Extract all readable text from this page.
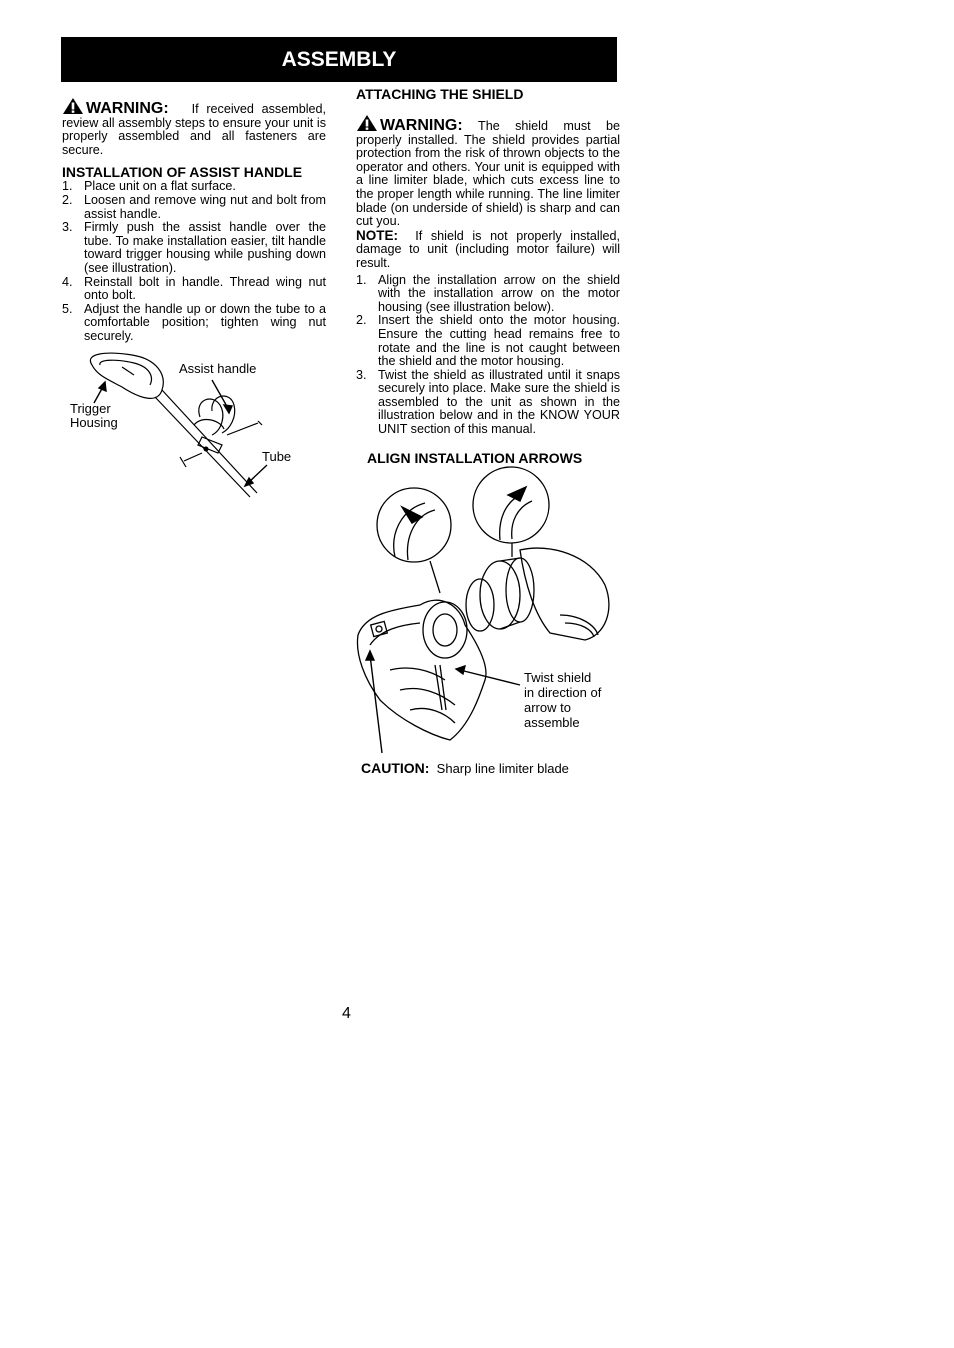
ASSEMBLY

WARNING: If received assembled, review all assembly steps to ensure your unit is properly assembled and all fasteners are secure.

INSTALLATION OF ASSIST HANDLE
1. Place unit on a flat surface.
2. Loosen and remove wing nut and bolt from assist handle.
3. Firmly push the assist handle over the tube. To make installation easier, tilt handle toward trigger housing while pushing down (see illustration).
4. Reinstall bolt in handle. Thread wing nut onto bolt.
5. Adjust the handle up or down the tube to a comfortable position; tighten wing nut securely.
Assist handle
Trigger
Housing
Tube
ATTACHING THE SHIELD

WARNING: The shield must be properly installed. The shield provides partial protection from the risk of thrown objects to the operator and others. Your unit is equipped with a line limiter blade, which cuts excess line to the proper length while running. The line limiter blade (on underside of shield) is sharp and can cut you.

NOTE: If shield is not properly installed, damage to unit (including motor failure) will result.

1. Align the installation arrow on the shield with the installation arrow on the motor housing (see illustration below).
2. Insert the shield onto the motor housing. Ensure the cutting head remains free to rotate and the line is not caught between the shield and the motor housing.
3. Twist the shield as illustrated until it snaps securely into place. Make sure the shield is assembled to the unit as shown in the illustration below and in the KNOW YOUR UNIT section of this manual.
ALIGN INSTALLATION ARROWS
Twist shield
in direction of
arrow to
assemble
CAUTION: Sharp line limiter blade
4
